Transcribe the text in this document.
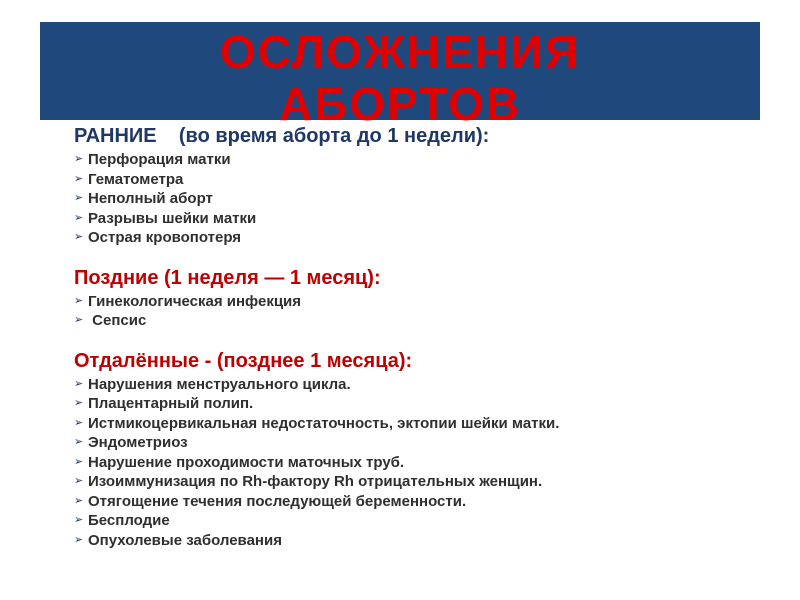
ОСЛОЖНЕНИЯ
АБОРТОВ

РАННИЕ (во время аборта до 1 недели):

➢ Перфорация матки
➢ Гематометра
➢ Неполный аборт
➢ Разрывы шейки матки
➢ Острая кровопотеря

Поздние (1 неделя — 1 месяц):

➢ Гинекологическая инфекция
➢ Сепсис

Отдалённые - (позднее 1 месяца):

➢ Нарушения менструального цикла.
➢ Плацентарный полип.
➢ Истмикоцервикальная недостаточность, эктопии шейки матки.
➢ Эндометриоз
➢ Нарушение проходимости маточных труб.
➢ Изоиммунизация по Rh-фактору Rh отрицательных женщин.
➢ Отягощение течения последующей беременности.
➢ Бесплодие
➢ Опухолевые заболевания
